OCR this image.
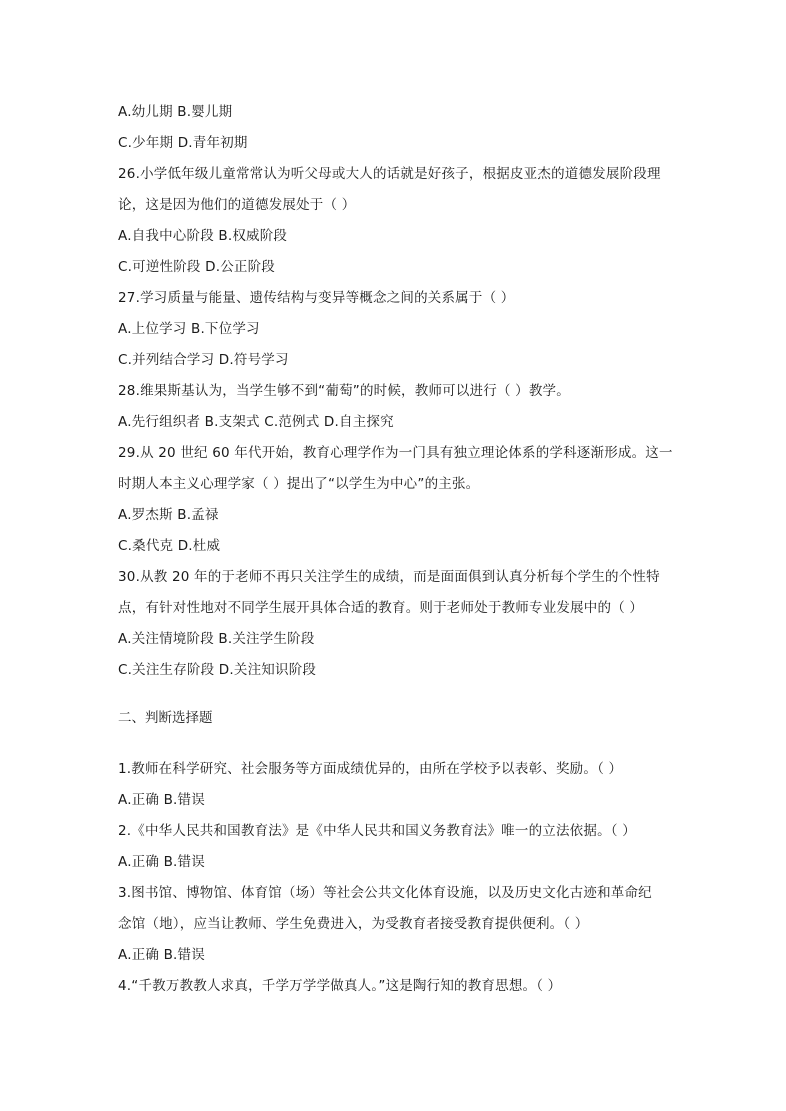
A.幼儿期 B.婴儿期
C.少年期 D.青年初期
26.小学低年级儿童常常认为听父母或大人的话就是好孩子，根据皮亚杰的道德发展阶段理
论，这是因为他们的道德发展处于（ ）
A.自我中心阶段 B.权威阶段
C.可逆性阶段 D.公正阶段
27.学习质量与能量、遗传结构与变异等概念之间的关系属于（ ）
A.上位学习 B.下位学习
C.并列结合学习 D.符号学习
28.维果斯基认为，当学生够不到“葡萄”的时候，教师可以进行（ ）教学。
A.先行组织者 B.支架式 C.范例式 D.自主探究
29.从 20 世纪 60 年代开始，教育心理学作为一门具有独立理论体系的学科逐渐形成。这一
时期人本主义心理学家（ ）提出了“以学生为中心”的主张。
A.罗杰斯 B.孟禄
C.桑代克 D.杜威
30.从教 20 年的于老师不再只关注学生的成绩，而是面面俱到认真分析每个学生的个性特
点，有针对性地对不同学生展开具体合适的教育。则于老师处于教师专业发展中的（ ）
A.关注情境阶段 B.关注学生阶段
C.关注生存阶段 D.关注知识阶段
二、判断选择题
1.教师在科学研究、社会服务等方面成绩优异的，由所在学校予以表彰、奖励。（ ）
A.正确 B.错误
2.《中华人民共和国教育法》是《中华人民共和国义务教育法》唯一的立法依据。（ ）
A.正确 B.错误
3.图书馆、博物馆、体育馆（场）等社会公共文化体育设施，以及历史文化古迹和革命纪
念馆（地），应当让教师、学生免费进入，为受教育者接受教育提供便利。（ ）
A.正确 B.错误
4.“千教万教教人求真，千学万学学做真人。”这是陶行知的教育思想。（ ）
